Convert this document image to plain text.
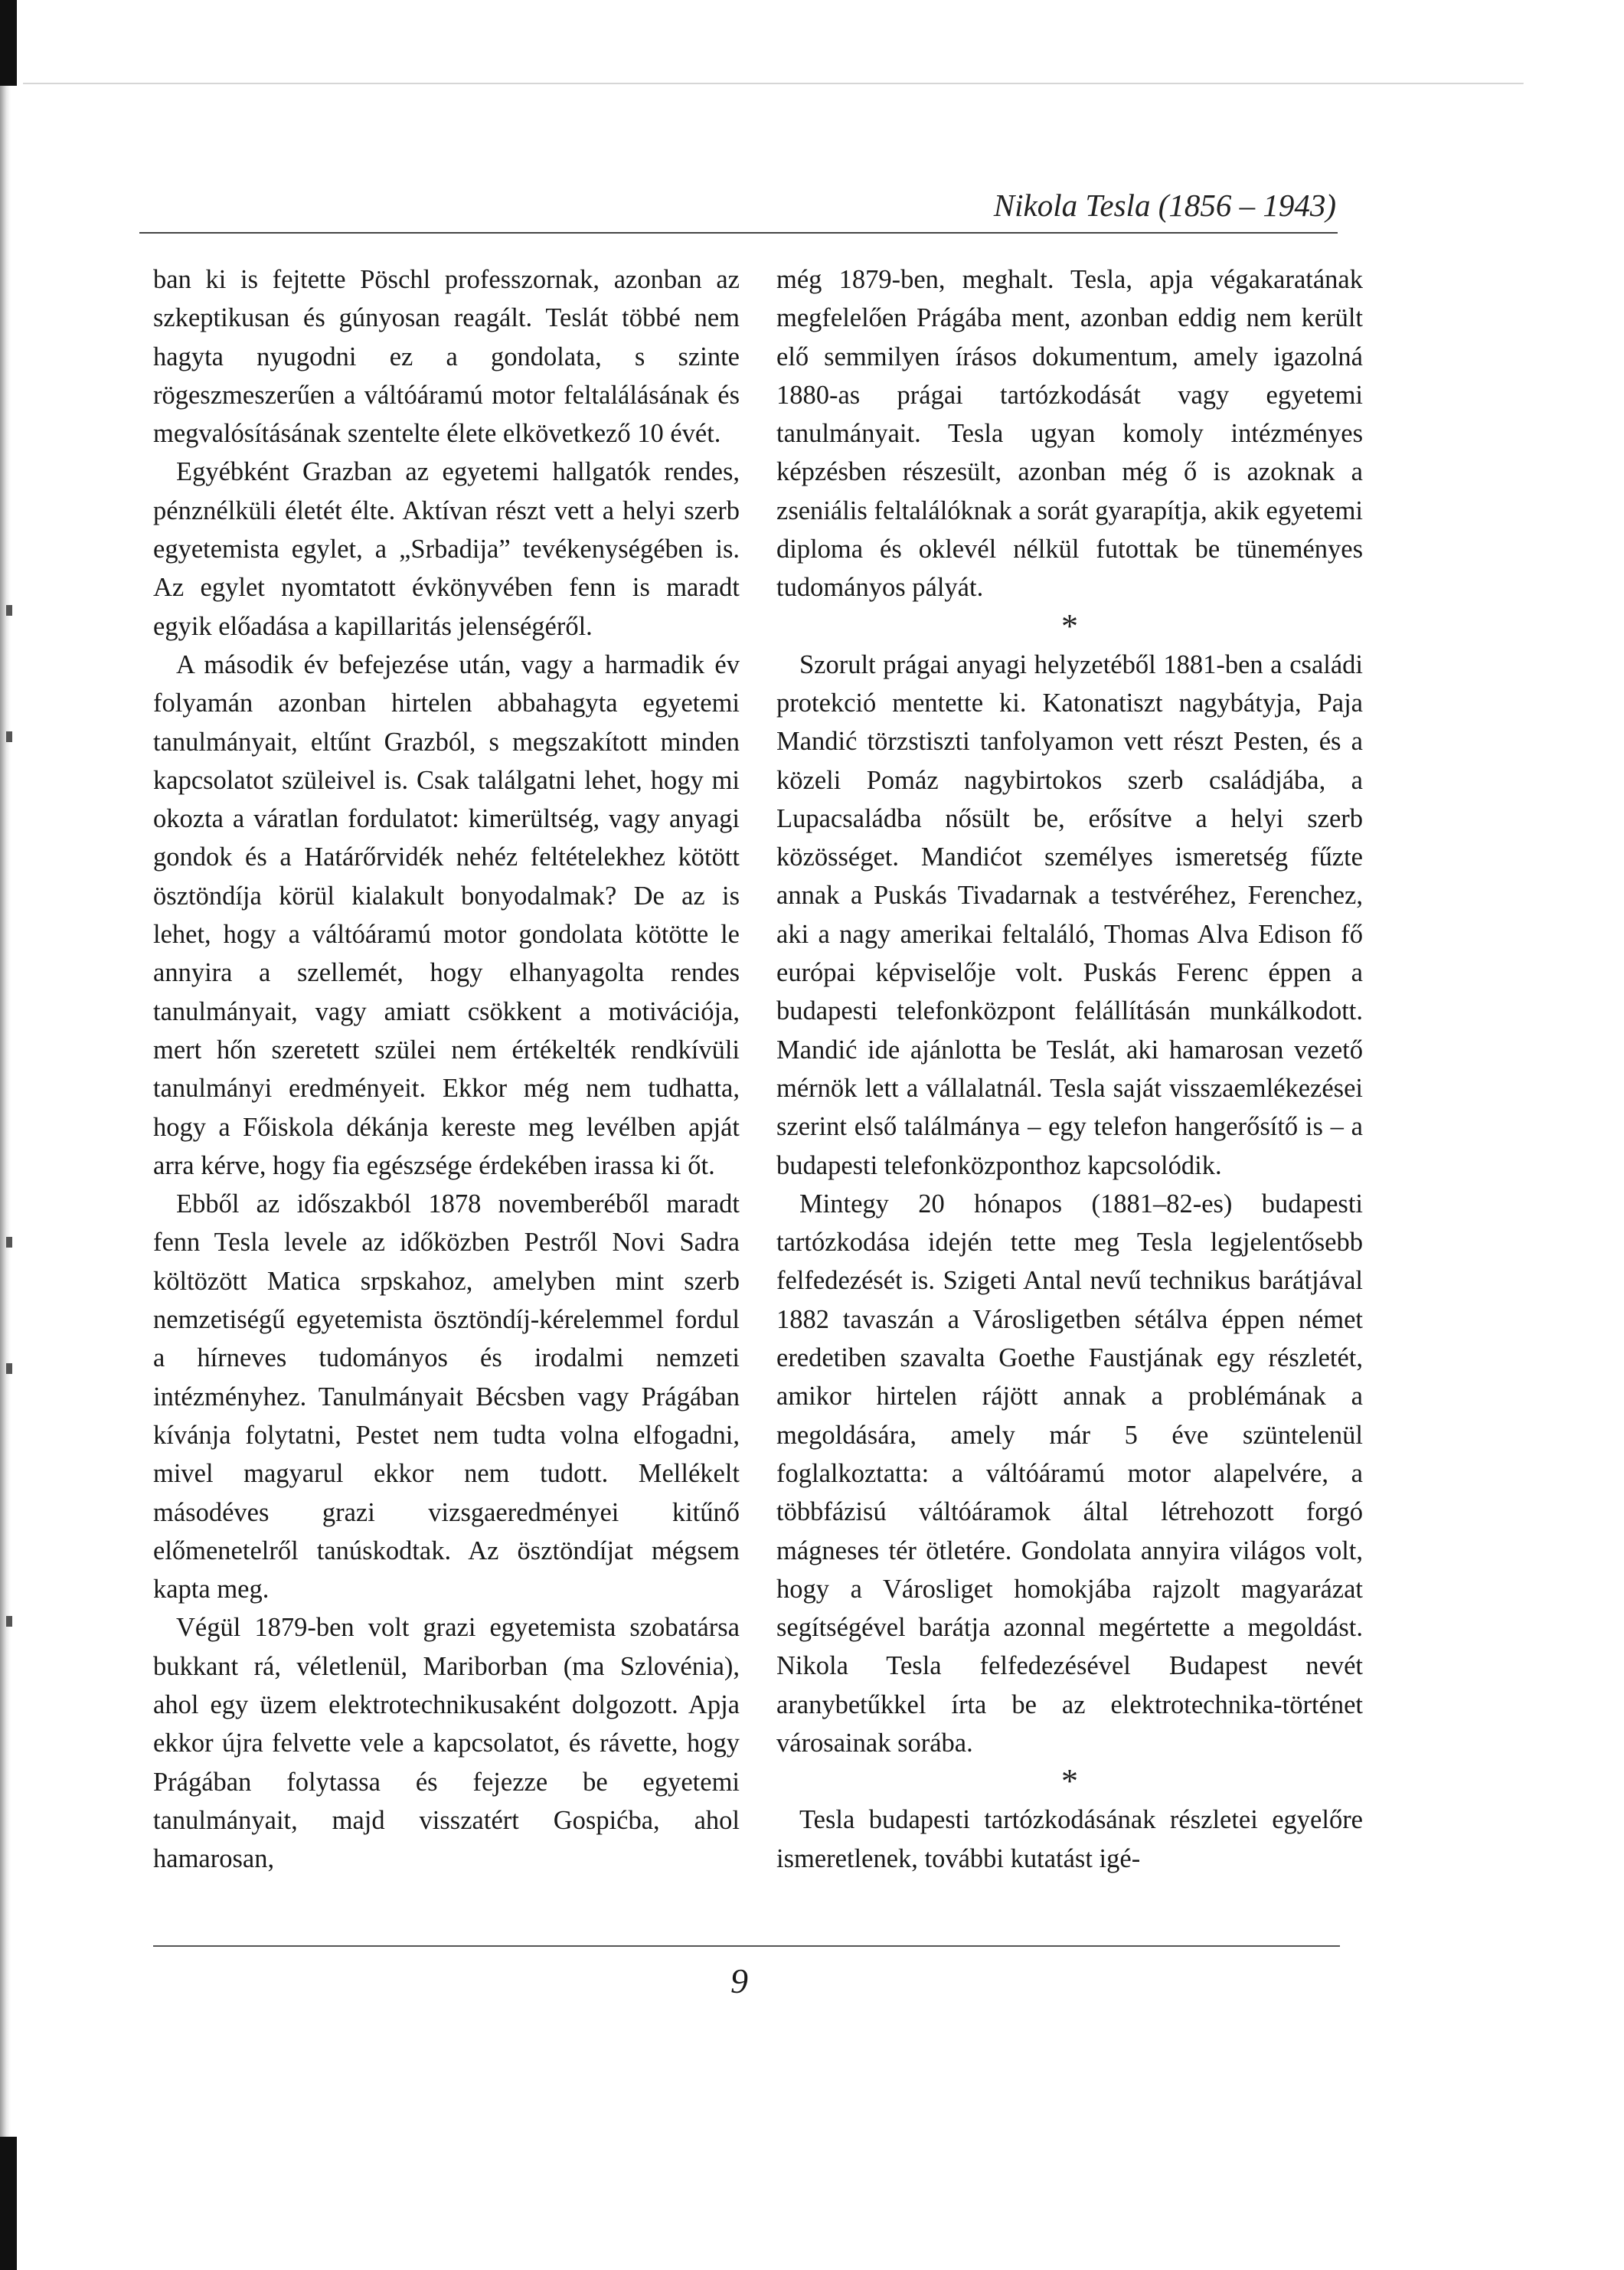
Nikola Tesla (1856 – 1943)

ban ki is fejtette Pöschl professzornak, azonban az szkeptikusan és gúnyosan reagált. Teslát többé nem hagyta nyugodni ez a gondolata, s szinte rögeszmeszerűen a váltóáramú motor feltalálásának és megvalósításának szentelte élete elkövetkező 10 évét.

Egyébként Grazban az egyetemi hallgatók rendes, pénznélküli életét élte. Aktívan részt vett a helyi szerb egyetemista egylet, a „Srbadija” tevékenységében is. Az egylet nyomtatott évkönyvében fenn is maradt egyik előadása a kapillaritás jelenségéről.

A második év befejezése után, vagy a harmadik év folyamán azonban hirtelen abbahagyta egyetemi tanulmányait, eltűnt Grazból, s megszakított minden kapcsolatot szüleivel is. Csak találgatni lehet, hogy mi okozta a váratlan fordulatot: kimerültség, vagy anyagi gondok és a Határőrvidék nehéz feltételekhez kötött ösztöndíja körül kialakult bonyodalmak? De az is lehet, hogy a váltóáramú motor gondolata kötötte le annyira a szellemét, hogy elhanyagolta rendes tanulmányait, vagy amiatt csökkent a motivációja, mert hőn szeretett szülei nem értékelték rendkívüli tanulmányi eredményeit. Ekkor még nem tudhatta, hogy a Főiskola dékánja kereste meg levélben apját arra kérve, hogy fia egészsége érdekében irassa ki őt.

Ebből az időszakból 1878 novemberéből maradt fenn Tesla levele az időközben Pestről Novi Sadra költözött Matica srpskahoz, amelyben mint szerb nemzetiségű egyetemista ösztöndíj-kérelemmel fordul a hírneves tudományos és irodalmi nemzeti intézményhez. Tanulmányait Bécsben vagy Prágában kívánja folytatni, Pestet nem tudta volna elfogadni, mivel magyarul ekkor nem tudott. Mellékelt másodéves grazi vizsgaeredményei kitűnő előmenetelről tanúskodtak. Az ösztöndíjat mégsem kapta meg.

Végül 1879-ben volt grazi egyetemista szobatársa bukkant rá, véletlenül, Mariborban (ma Szlovénia), ahol egy üzem elektrotechnikusaként dolgozott. Apja ekkor újra felvette vele a kapcsolatot, és rávette, hogy Prágában folytassa és fejezze be egyetemi tanulmányait, majd visszatért Gospićba, ahol hamarosan,

még 1879-ben, meghalt. Tesla, apja végakaratának megfelelően Prágába ment, azonban eddig nem került elő semmilyen írásos dokumentum, amely igazolná 1880-as prágai tartózkodását vagy egyetemi tanulmányait. Tesla ugyan komoly intézményes képzésben részesült, azonban még ő is azoknak a zseniális feltalálóknak a sorát gyarapítja, akik egyetemi diploma és oklevél nélkül futottak be tüneményes tudományos pályát.

*

Szorult prágai anyagi helyzetéből 1881-ben a családi protekció mentette ki. Katonatiszt nagybátyja, Paja Mandić törzstiszti tanfolyamon vett részt Pesten, és a közeli Pomáz nagybirtokos szerb családjába, a Lupacsaládba nősült be, erősítve a helyi szerb közösséget. Mandićot személyes ismeretség fűzte annak a Puskás Tivadarnak a testvéréhez, Ferenchez, aki a nagy amerikai feltaláló, Thomas Alva Edison fő európai képviselője volt. Puskás Ferenc éppen a budapesti telefonközpont felállításán munkálkodott. Mandić ide ajánlotta be Teslát, aki hamarosan vezető mérnök lett a vállalatnál. Tesla saját visszaemlékezései szerint első találmánya – egy telefon hangerősítő is – a budapesti telefonközponthoz kapcsolódik.

Mintegy 20 hónapos (1881–82-es) budapesti tartózkodása idején tette meg Tesla legjelentősebb felfedezését is. Szigeti Antal nevű technikus barátjával 1882 tavaszán a Városligetben sétálva éppen német eredetiben szavalta Goethe Faustjának egy részletét, amikor hirtelen rájött annak a problémának a megoldására, amely már 5 éve szüntelenül foglalkoztatta: a váltóáramú motor alapelvére, a többfázisú váltóáramok által létrehozott forgó mágneses tér ötletére. Gondolata annyira világos volt, hogy a Városliget homokjába rajzolt magyarázat segítségével barátja azonnal megértette a megoldást. Nikola Tesla felfedezésével Budapest nevét aranybetűkkel írta be az elektrotechnika-történet városainak sorába.

*

Tesla budapesti tartózkodásának részletei egyelőre ismeretlenek, további kutatást igé-

9
